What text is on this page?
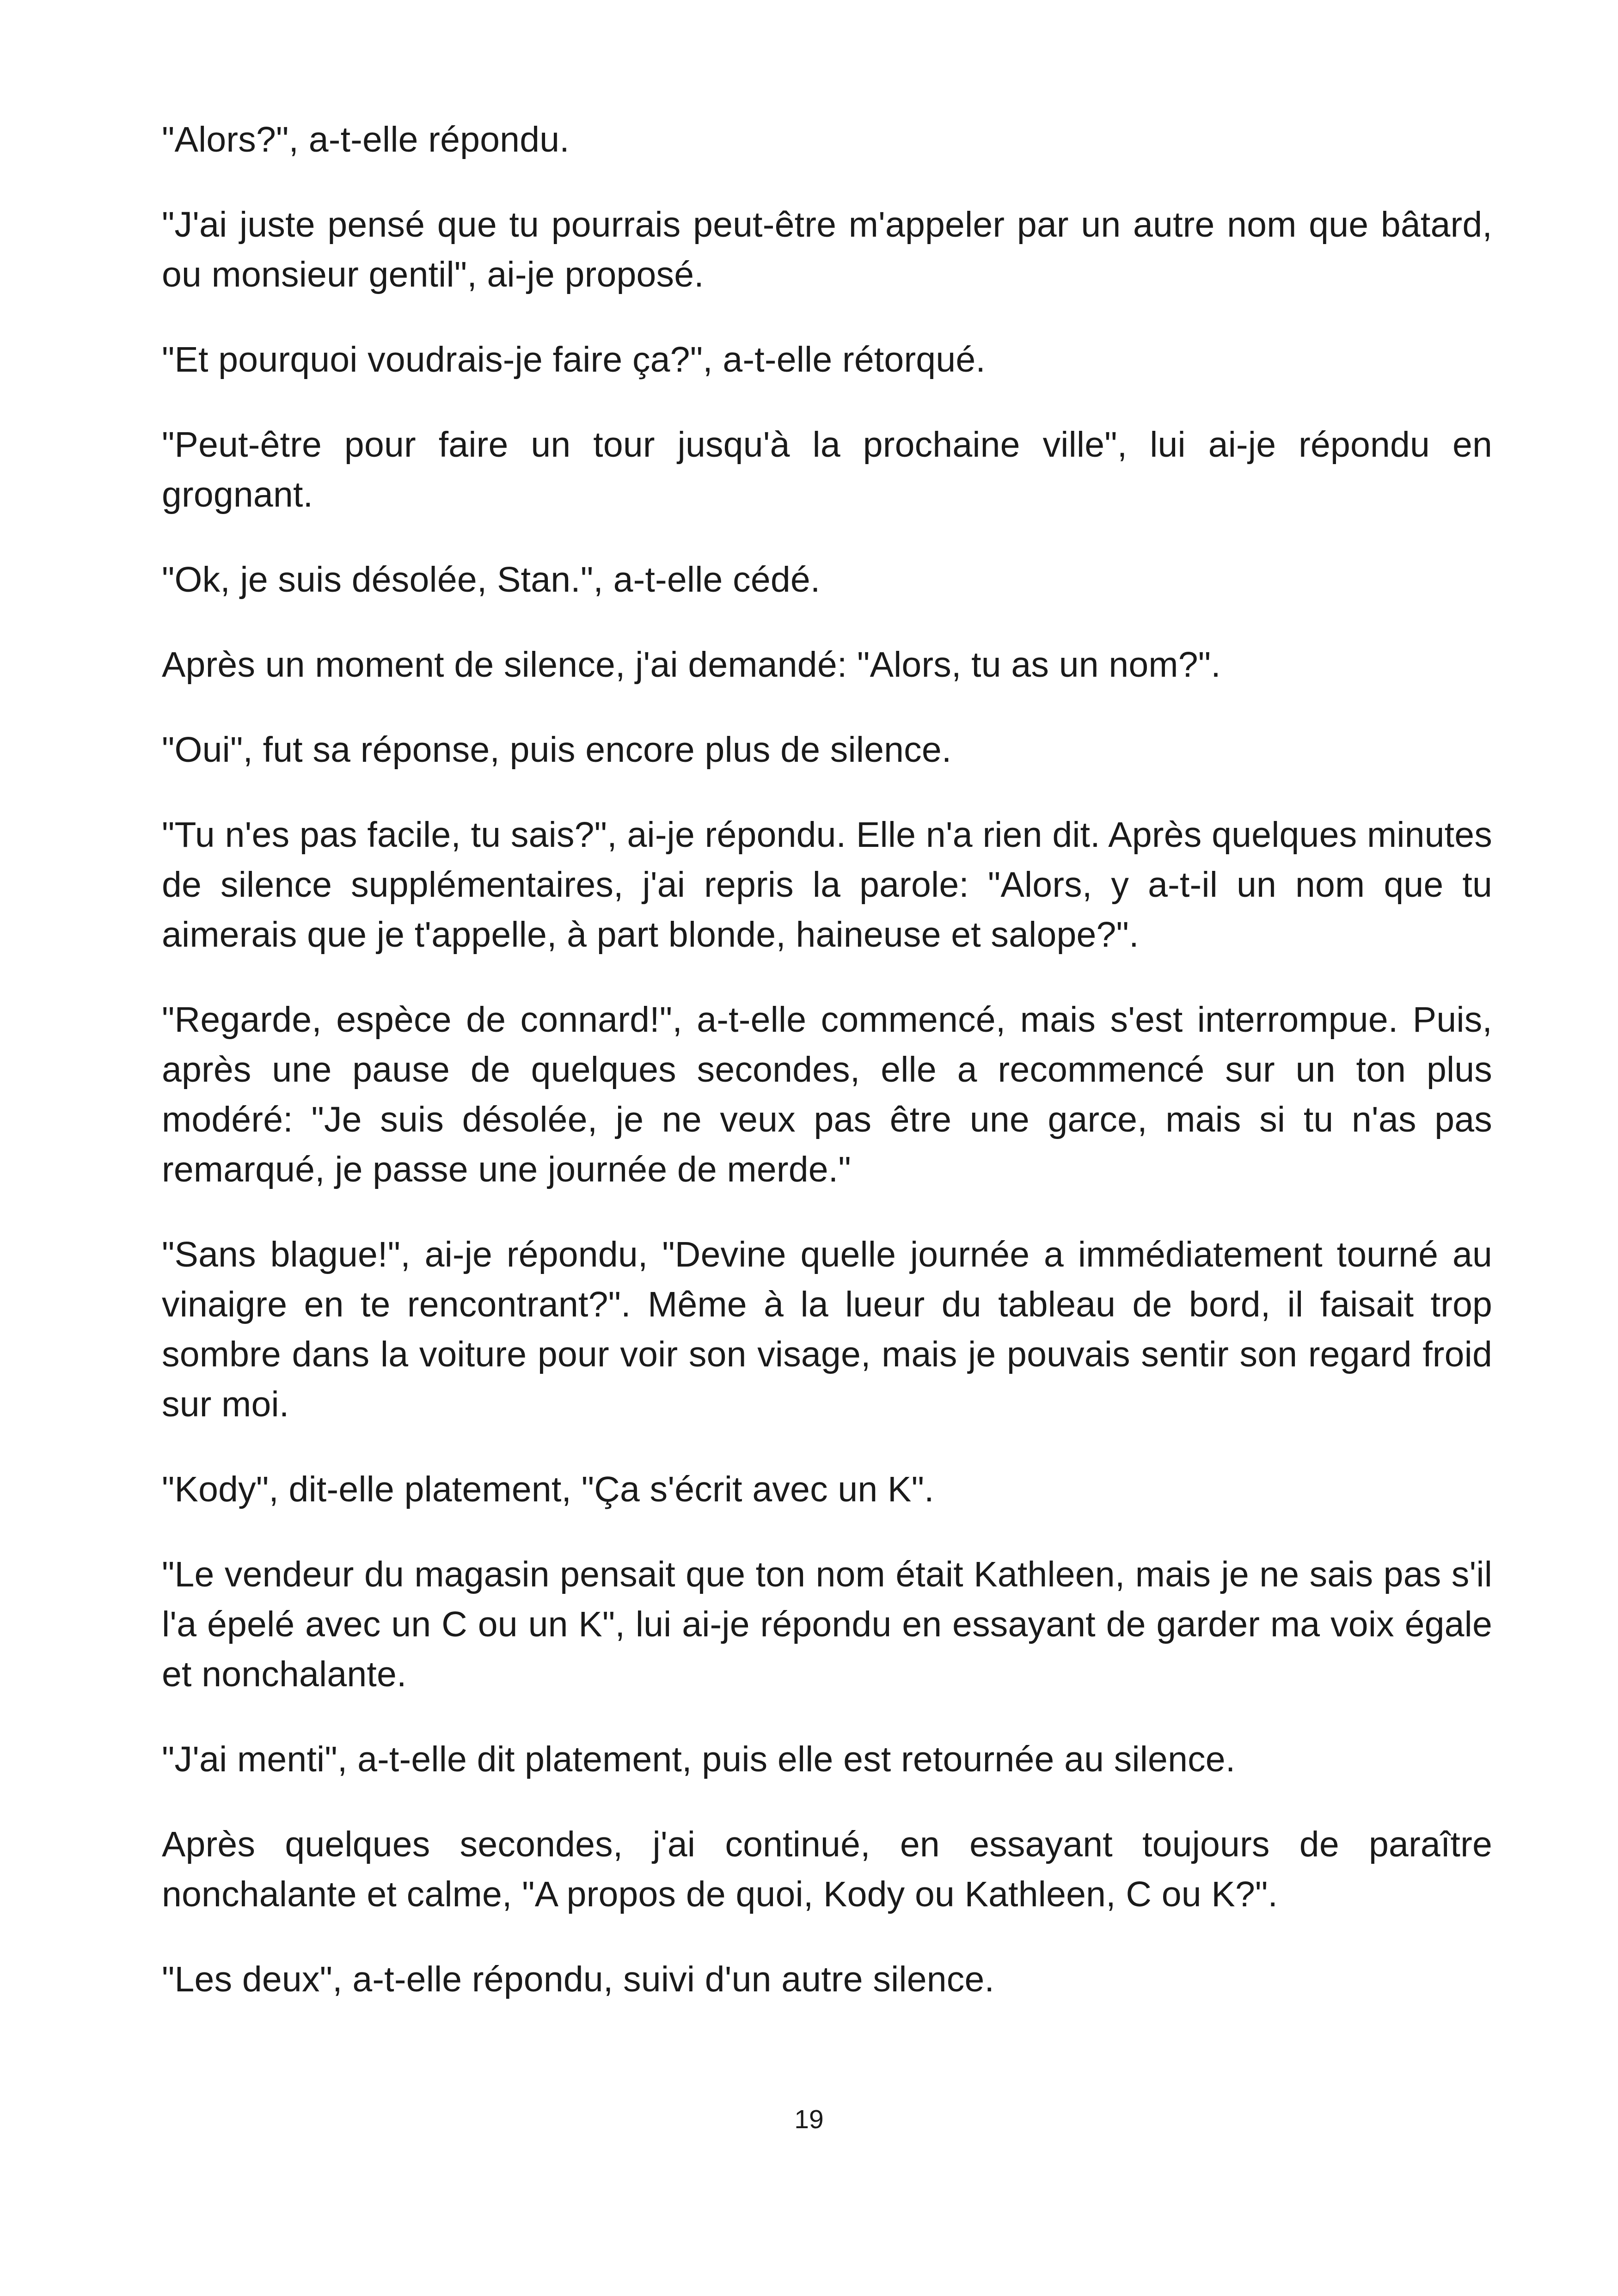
"Alors?", a-t-elle répondu.

"J'ai juste pensé que tu pourrais peut-être m'appeler par un autre nom que bâtard, ou monsieur gentil", ai-je proposé.

"Et pourquoi voudrais-je faire ça?", a-t-elle rétorqué.

"Peut-être pour faire un tour jusqu'à la prochaine ville", lui ai-je répondu en grognant.

"Ok, je suis désolée, Stan.", a-t-elle cédé.

Après un moment de silence, j'ai demandé: "Alors, tu as un nom?".

"Oui", fut sa réponse, puis encore plus de silence.

"Tu n'es pas facile, tu sais?", ai-je répondu. Elle n'a rien dit. Après quelques minutes de silence supplémentaires, j'ai repris la parole: "Alors, y a-t-il un nom que tu aimerais que je t'appelle, à part blonde, haineuse et salope?".

"Regarde, espèce de connard!", a-t-elle commencé, mais s'est interrompue. Puis, après une pause de quelques secondes, elle a recommencé sur un ton plus modéré: "Je suis désolée, je ne veux pas être une garce, mais si tu n'as pas remarqué, je passe une journée de merde."

"Sans blague!", ai-je répondu, "Devine quelle journée a immédiatement tourné au vinaigre en te rencontrant?". Même à la lueur du tableau de bord, il faisait trop sombre dans la voiture pour voir son visage, mais je pouvais sentir son regard froid sur moi.

"Kody", dit-elle platement, "Ça s'écrit avec un K".

"Le vendeur du magasin pensait que ton nom était Kathleen, mais je ne sais pas s'il l'a épelé avec un C ou un K", lui ai-je répondu en essayant de garder ma voix égale et nonchalante.

"J'ai menti", a-t-elle dit platement, puis elle est retournée au silence.

Après quelques secondes, j'ai continué, en essayant toujours de paraître nonchalante et calme, "A propos de quoi, Kody ou Kathleen, C ou K?".

"Les deux", a-t-elle répondu, suivi d'un autre silence.

19
